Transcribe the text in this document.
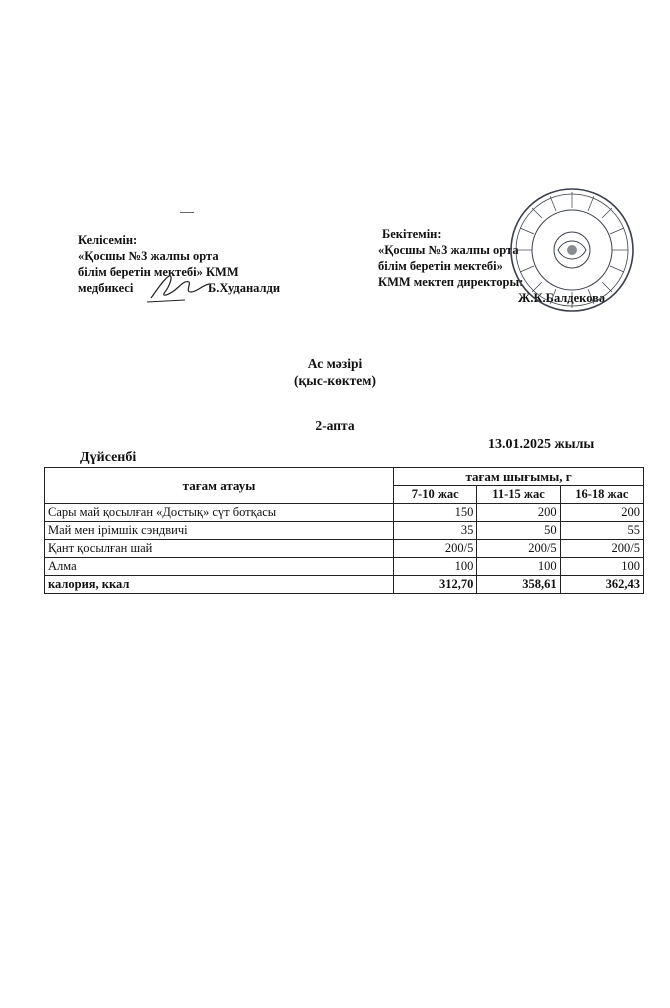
Келісемін:
«Қосшы №3 жалпы орта
білім беретін мектебі» КММ
медбикесі	Б.Худаналди
Бекітемін:
«Қосшы №3 жалпы орта
білім беретін мектебі»
КММ мектеп директоры:
Ж.К.Балдекова
Ас мәзірі
(қыс-көктем)
2-апта
13.01.2025 жылы
Дүйсенбі
тағам атауы	тағам шығымы, г		
	7-10 жас	11-15 жас	16-18 жас
Сары май қосылған «Достық» сүт ботқасы	150	200	200
Май мен ірімшік сэндвичі	35	50	55
Қант қосылған шай	200/5	200/5	200/5
Алма	100	100	100
калория, ккал	312,70	358,61	362,43
